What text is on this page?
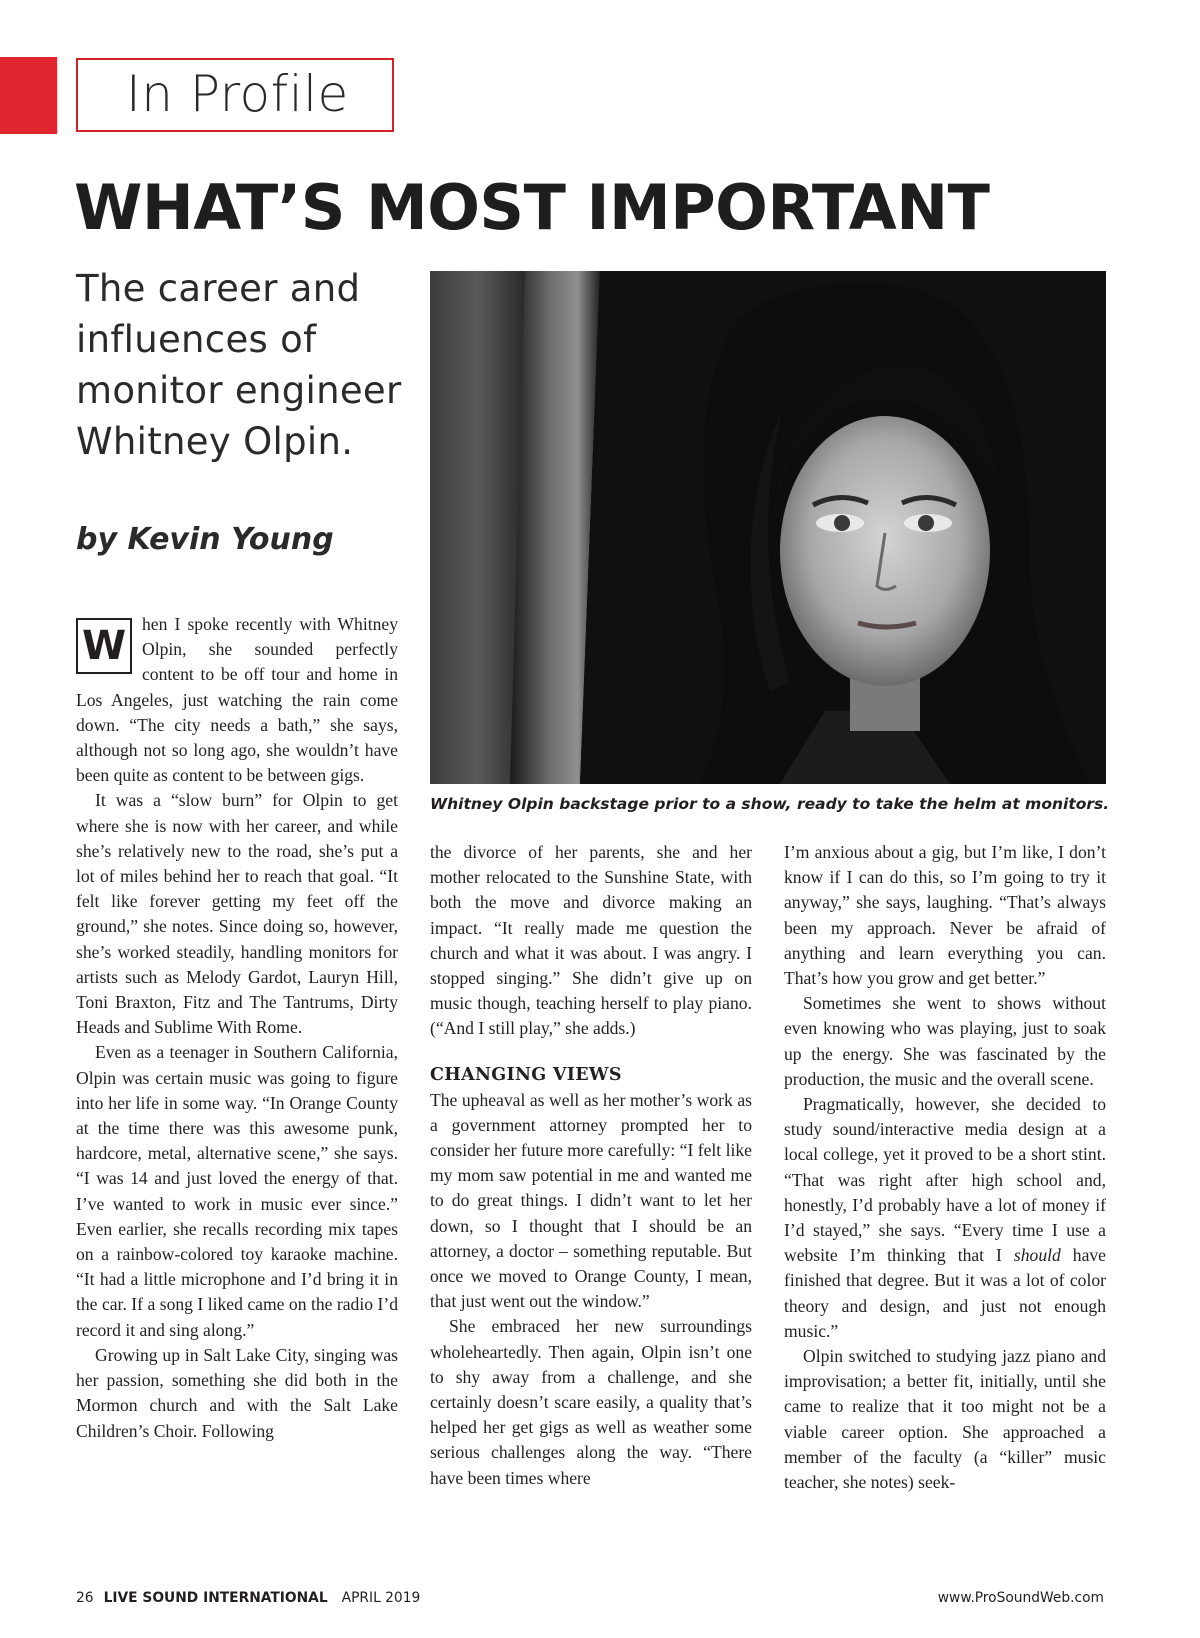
In Profile
WHAT’S MOST IMPORTANT
The career and influences of monitor engineer Whitney Olpin.
by Kevin Young
Whitney Olpin backstage prior to a show, ready to take the helm at monitors.

W hen I spoke recently with Whitney Olpin, she sounded perfectly content to be off tour and home in Los Angeles, just watching the rain come down. “The city needs a bath,” she says, although not so long ago, she wouldn’t have been quite as content to be between gigs.

It was a “slow burn” for Olpin to get where she is now with her career, and while she’s relatively new to the road, she’s put a lot of miles behind her to reach that goal. “It felt like forever getting my feet off the ground,” she notes. Since doing so, however, she’s worked steadily, handling monitors for artists such as Melody Gardot, Lauryn Hill, Toni Braxton, Fitz and The Tantrums, Dirty Heads and Sublime With Rome.

Even as a teenager in Southern California, Olpin was certain music was going to figure into her life in some way. “In Orange County at the time there was this awesome punk, hardcore, metal, alternative scene,” she says. “I was 14 and just loved the energy of that. I’ve wanted to work in music ever since.” Even earlier, she recalls recording mix tapes on a rainbow-colored toy karaoke machine. “It had a little microphone and I’d bring it in the car. If a song I liked came on the radio I’d record it and sing along.”

Growing up in Salt Lake City, singing was her passion, something she did both in the Mormon church and with the Salt Lake Children’s Choir. Following

the divorce of her parents, she and her mother relocated to the Sunshine State, with both the move and divorce making an impact. “It really made me question the church and what it was about. I was angry. I stopped singing.” She didn’t give up on music though, teaching herself to play piano. (“And I still play,” she adds.)

CHANGING VIEWS

The upheaval as well as her mother’s work as a government attorney prompted her to consider her future more carefully: “I felt like my mom saw potential in me and wanted me to do great things. I didn’t want to let her down, so I thought that I should be an attorney, a doctor – something reputable. But once we moved to Orange County, I mean, that just went out the window.”

She embraced her new surroundings wholeheartedly. Then again, Olpin isn’t one to shy away from a challenge, and she certainly doesn’t scare easily, a quality that’s helped her get gigs as well as weather some serious challenges along the way. “There have been times where

I’m anxious about a gig, but I’m like, I don’t know if I can do this, so I’m going to try it anyway,” she says, laughing. “That’s always been my approach. Never be afraid of anything and learn everything you can. That’s how you grow and get better.”

Sometimes she went to shows without even knowing who was playing, just to soak up the energy. She was fascinated by the production, the music and the overall scene.

Pragmatically, however, she decided to study sound/interactive media design at a local college, yet it proved to be a short stint. “That was right after high school and, honestly, I’d probably have a lot of money if I’d stayed,” she says. “Every time I use a website I’m thinking that I should have finished that degree. But it was a lot of color theory and design, and just not enough music.”

Olpin switched to studying jazz piano and improvisation; a better fit, initially, until she came to realize that it too might not be a viable career option. She approached a member of the faculty (a “killer” music teacher, she notes) seek-

26 LIVE SOUND INTERNATIONAL APRIL 2019	www.ProSoundWeb.com
